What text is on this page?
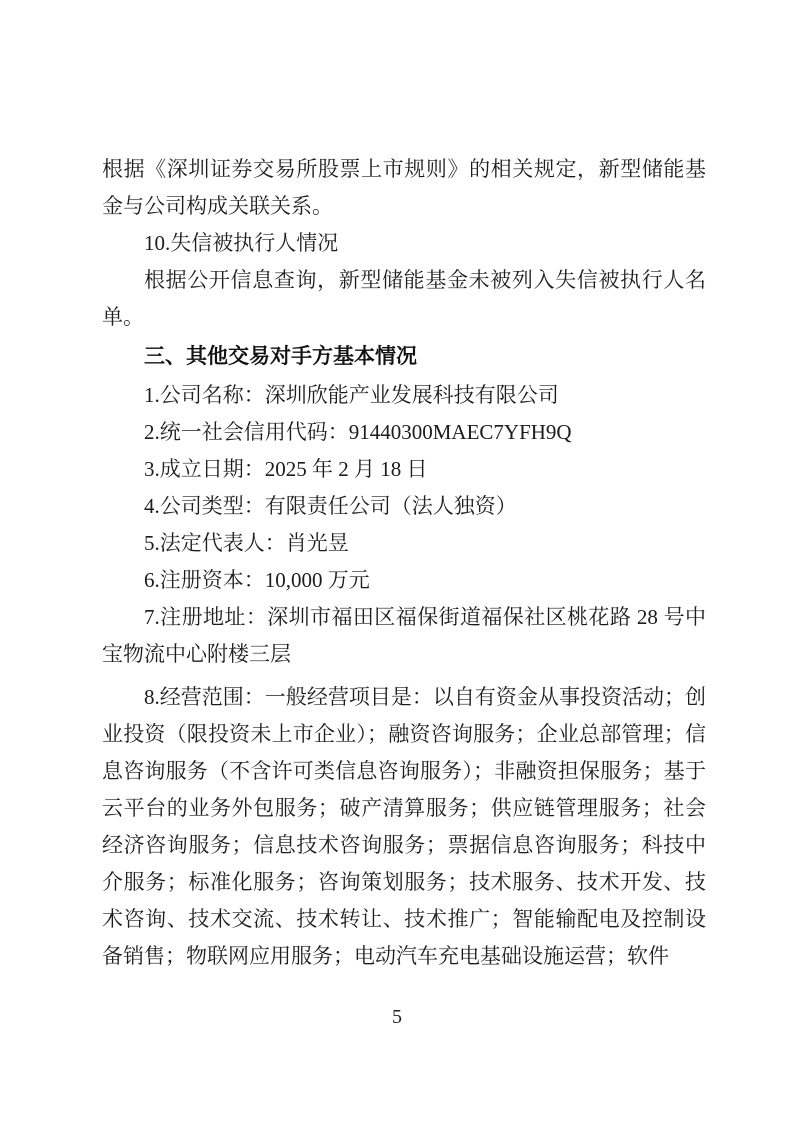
根据《深圳证券交易所股票上市规则》的相关规定，新型储能基金与公司构成关联关系。

10.失信被执行人情况

根据公开信息查询，新型储能基金未被列入失信被执行人名单。

三、其他交易对手方基本情况

1.公司名称：深圳欣能产业发展科技有限公司

2.统一社会信用代码：91440300MAEC7YFH9Q

3.成立日期：2025 年 2 月 18 日

4.公司类型：有限责任公司（法人独资）

5.法定代表人：肖光昱

6.注册资本：10,000 万元

7.注册地址：深圳市福田区福保街道福保社区桃花路 28 号中宝物流中心附楼三层

8.经营范围：一般经营项目是：以自有资金从事投资活动；创业投资（限投资未上市企业）；融资咨询服务；企业总部管理；信息咨询服务（不含许可类信息咨询服务）；非融资担保服务；基于云平台的业务外包服务；破产清算服务；供应链管理服务；社会经济咨询服务；信息技术咨询服务；票据信息咨询服务；科技中介服务；标准化服务；咨询策划服务；技术服务、技术开发、技术咨询、技术交流、技术转让、技术推广；智能输配电及控制设备销售；物联网应用服务；电动汽车充电基础设施运营；软件

5
